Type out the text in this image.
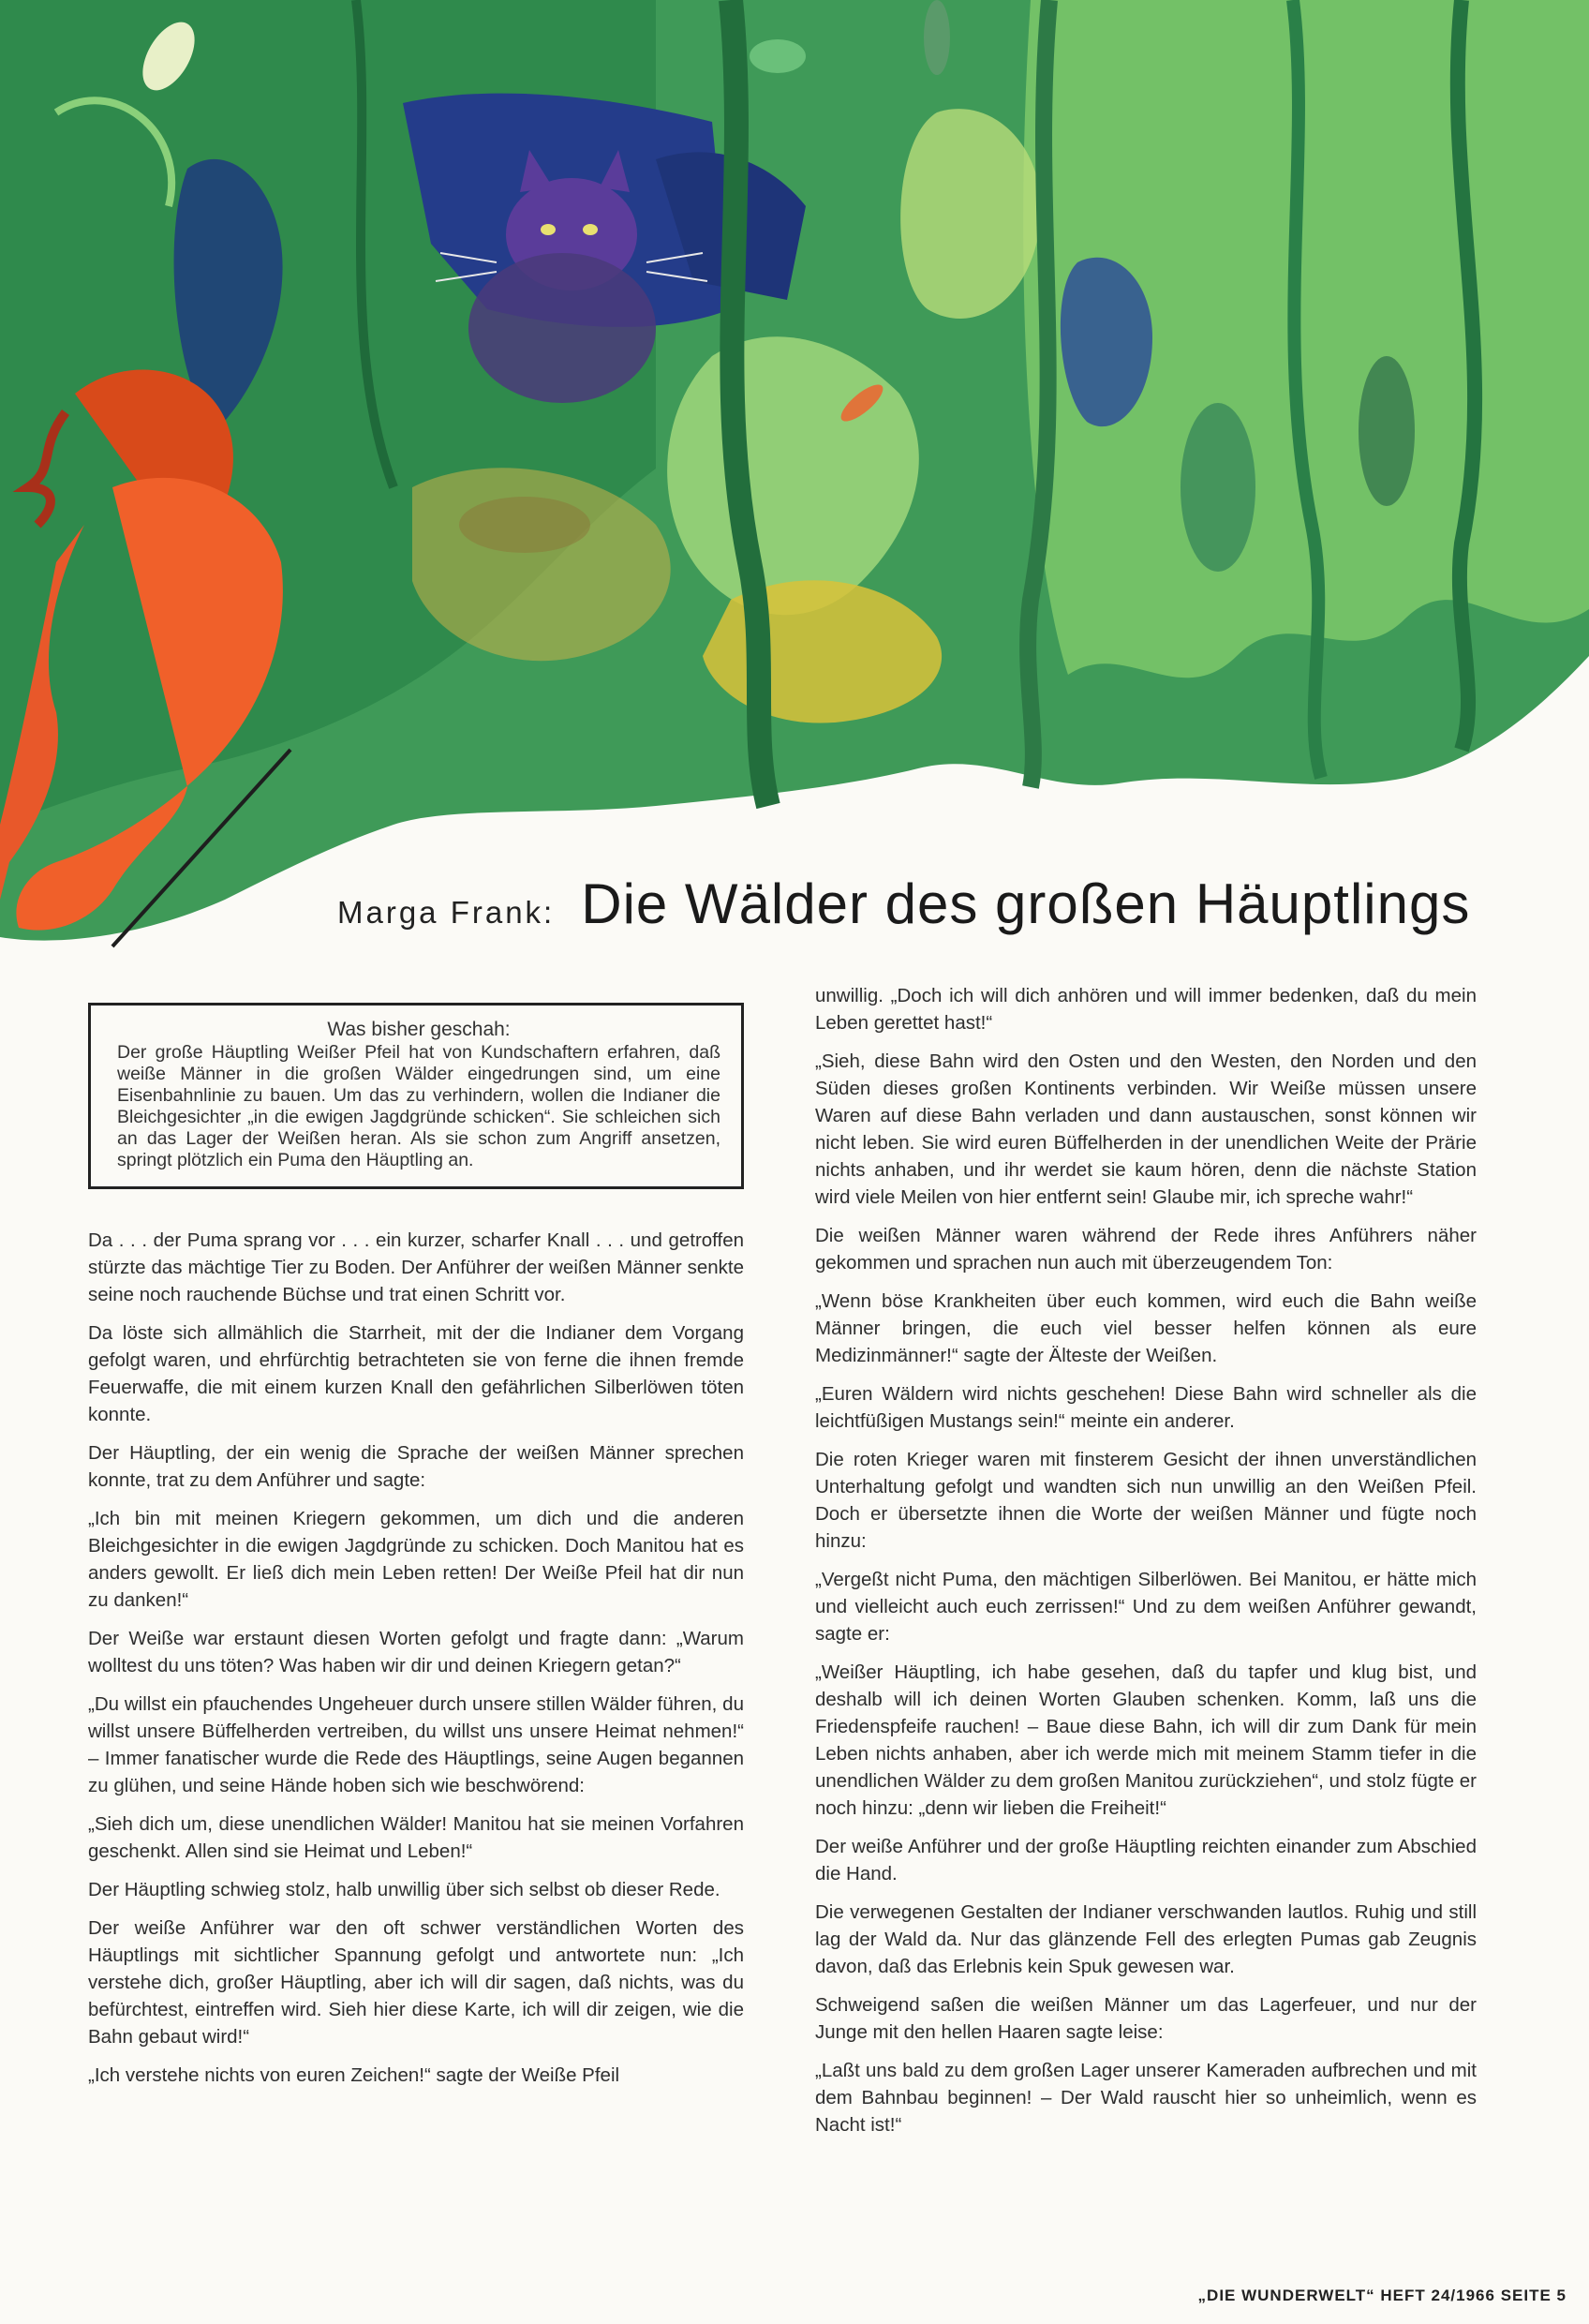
Marga Frank: Die Wälder des großen Häuptlings
Was bisher geschah:
Der große Häuptling Weißer Pfeil hat von Kundschaftern erfahren, daß weiße Männer in die großen Wälder eingedrungen sind, um eine Eisenbahnlinie zu bauen. Um das zu verhindern, wollen die Indianer die Bleichgesichter „in die ewigen Jagdgründe schicken“. Sie schleichen sich an das Lager der Weißen heran. Als sie schon zum Angriff ansetzen, springt plötzlich ein Puma den Häuptling an.

Da . . . der Puma sprang vor . . . ein kurzer, scharfer Knall . . . und getroffen stürzte das mächtige Tier zu Boden. Der Anführer der weißen Männer senkte seine noch rauchende Büchse und trat einen Schritt vor.

Da löste sich allmählich die Starrheit, mit der die Indianer dem Vorgang gefolgt waren, und ehrfürchtig betrachteten sie von ferne die ihnen fremde Feuerwaffe, die mit einem kurzen Knall den gefährlichen Silberlöwen töten konnte.

Der Häuptling, der ein wenig die Sprache der weißen Männer sprechen konnte, trat zu dem Anführer und sagte:

„Ich bin mit meinen Kriegern gekommen, um dich und die anderen Bleichgesichter in die ewigen Jagdgründe zu schicken. Doch Manitou hat es anders gewollt. Er ließ dich mein Leben retten! Der Weiße Pfeil hat dir nun zu danken!“

Der Weiße war erstaunt diesen Worten gefolgt und fragte dann: „Warum wolltest du uns töten? Was haben wir dir und deinen Kriegern getan?“

„Du willst ein pfauchendes Ungeheuer durch unsere stillen Wälder führen, du willst unsere Büffelherden vertreiben, du willst uns unsere Heimat nehmen!“ – Immer fanatischer wurde die Rede des Häuptlings, seine Augen begannen zu glühen, und seine Hände hoben sich wie beschwörend:

„Sieh dich um, diese unendlichen Wälder! Manitou hat sie meinen Vorfahren geschenkt. Allen sind sie Heimat und Leben!“

Der Häuptling schwieg stolz, halb unwillig über sich selbst ob dieser Rede.

Der weiße Anführer war den oft schwer verständlichen Worten des Häuptlings mit sichtlicher Spannung gefolgt und antwortete nun: „Ich verstehe dich, großer Häuptling, aber ich will dir sagen, daß nichts, was du befürchtest, eintreffen wird. Sieh hier diese Karte, ich will dir zeigen, wie die Bahn gebaut wird!“

„Ich verstehe nichts von euren Zeichen!“ sagte der Weiße Pfeil

unwillig. „Doch ich will dich anhören und will immer bedenken, daß du mein Leben gerettet hast!“

„Sieh, diese Bahn wird den Osten und den Westen, den Norden und den Süden dieses großen Kontinents verbinden. Wir Weiße müssen unsere Waren auf diese Bahn verladen und dann austauschen, sonst können wir nicht leben. Sie wird euren Büffelherden in der unendlichen Weite der Prärie nichts anhaben, und ihr werdet sie kaum hören, denn die nächste Station wird viele Meilen von hier entfernt sein! Glaube mir, ich spreche wahr!“

Die weißen Männer waren während der Rede ihres Anführers näher gekommen und sprachen nun auch mit überzeugendem Ton:

„Wenn böse Krankheiten über euch kommen, wird euch die Bahn weiße Männer bringen, die euch viel besser helfen können als eure Medizinmänner!“ sagte der Älteste der Weißen.

„Euren Wäldern wird nichts geschehen! Diese Bahn wird schneller als die leichtfüßigen Mustangs sein!“ meinte ein anderer.

Die roten Krieger waren mit finsterem Gesicht der ihnen unverständlichen Unterhaltung gefolgt und wandten sich nun unwillig an den Weißen Pfeil. Doch er übersetzte ihnen die Worte der weißen Männer und fügte noch hinzu:

„Vergeßt nicht Puma, den mächtigen Silberlöwen. Bei Manitou, er hätte mich und vielleicht auch euch zerrissen!“ Und zu dem weißen Anführer gewandt, sagte er:

„Weißer Häuptling, ich habe gesehen, daß du tapfer und klug bist, und deshalb will ich deinen Worten Glauben schenken. Komm, laß uns die Friedenspfeife rauchen! – Baue diese Bahn, ich will dir zum Dank für mein Leben nichts anhaben, aber ich werde mich mit meinem Stamm tiefer in die unendlichen Wälder zu dem großen Manitou zurückziehen“, und stolz fügte er noch hinzu: „denn wir lieben die Freiheit!“

Der weiße Anführer und der große Häuptling reichten einander zum Abschied die Hand.

Die verwegenen Gestalten der Indianer verschwanden lautlos. Ruhig und still lag der Wald da. Nur das glänzende Fell des erlegten Pumas gab Zeugnis davon, daß das Erlebnis kein Spuk gewesen war.

Schweigend saßen die weißen Männer um das Lagerfeuer, und nur der Junge mit den hellen Haaren sagte leise:

„Laßt uns bald zu dem großen Lager unserer Kameraden aufbrechen und mit dem Bahnbau beginnen! – Der Wald rauscht hier so unheimlich, wenn es Nacht ist!“

„DIE WUNDERWELT“ HEFT 24/1966 SEITE 5
